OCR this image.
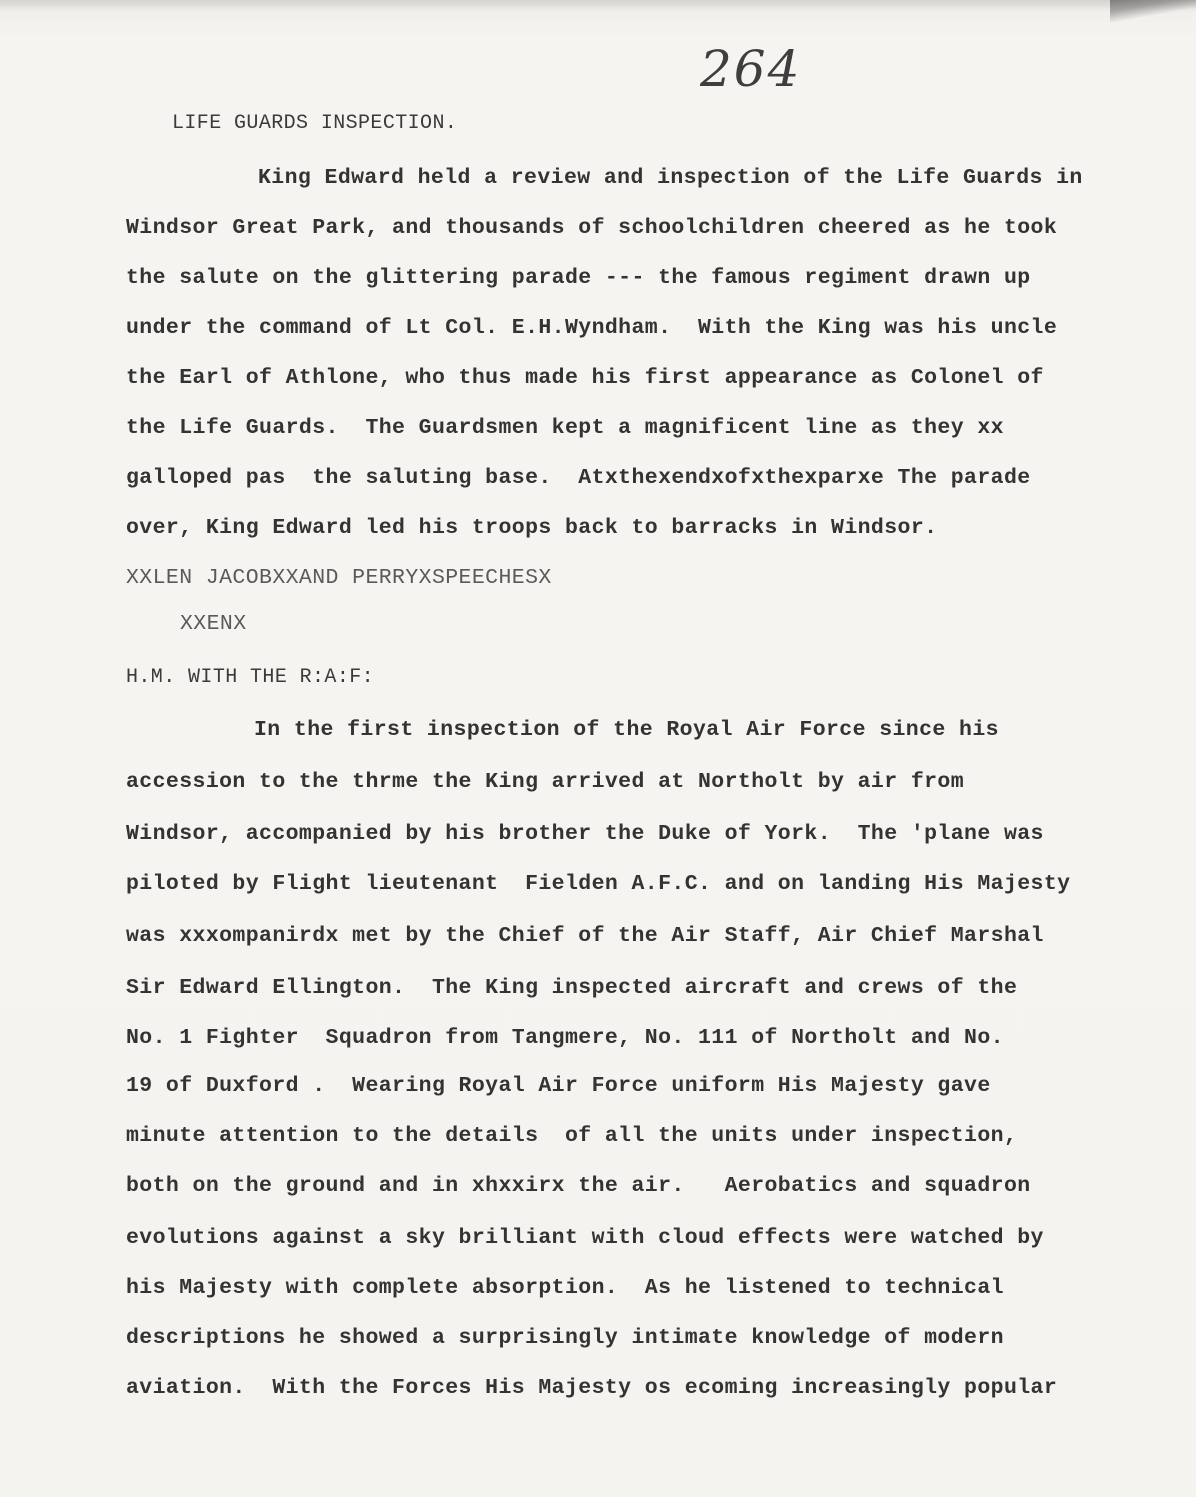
264
LIFE GUARDS INSPECTION.
King Edward held a review and inspection of the Life Guards in
Windsor Great Park, and thousands of schoolchildren cheered as he took
the salute on the glittering parade --- the famous regiment drawn up
under the command of Lt Col. E.H.Wyndham.  With the King was his uncle
the Earl of Athlone, who thus made his first appearance as Colonel of
the Life Guards.  The Guardsmen kept a magnificent line as they xx
galloped pas  the saluting base.  Atxthexendxofxthexparxe The parade
over, King Edward led his troops back to barracks in Windsor.
XXLEN JACOBXXAND PERRYXSPEECHESX
XXENX
H.M. WITH THE R:A:F:
In the first inspection of the Royal Air Force since his
accession to the thrme the King arrived at Northolt by air from
Windsor, accompanied by his brother the Duke of York.  The 'plane was
piloted by Flight lieutenant  Fielden A.F.C. and on landing His Majesty
was xxxompanirdx met by the Chief of the Air Staff, Air Chief Marshal
Sir Edward Ellington.  The King inspected aircraft and crews of the
No. 1 Fighter  Squadron from Tangmere, No. 111 of Northolt and No.
19 of Duxford .  Wearing Royal Air Force uniform His Majesty gave
minute attention to the details  of all the units under inspection,
both on the ground and in xhxxirx the air.   Aerobatics and squadron
evolutions against a sky brilliant with cloud effects were watched by
his Majesty with complete absorption.  As he listened to technical
descriptions he showed a surprisingly intimate knowledge of modern
aviation.  With the Forces His Majesty os ecoming increasingly popular
